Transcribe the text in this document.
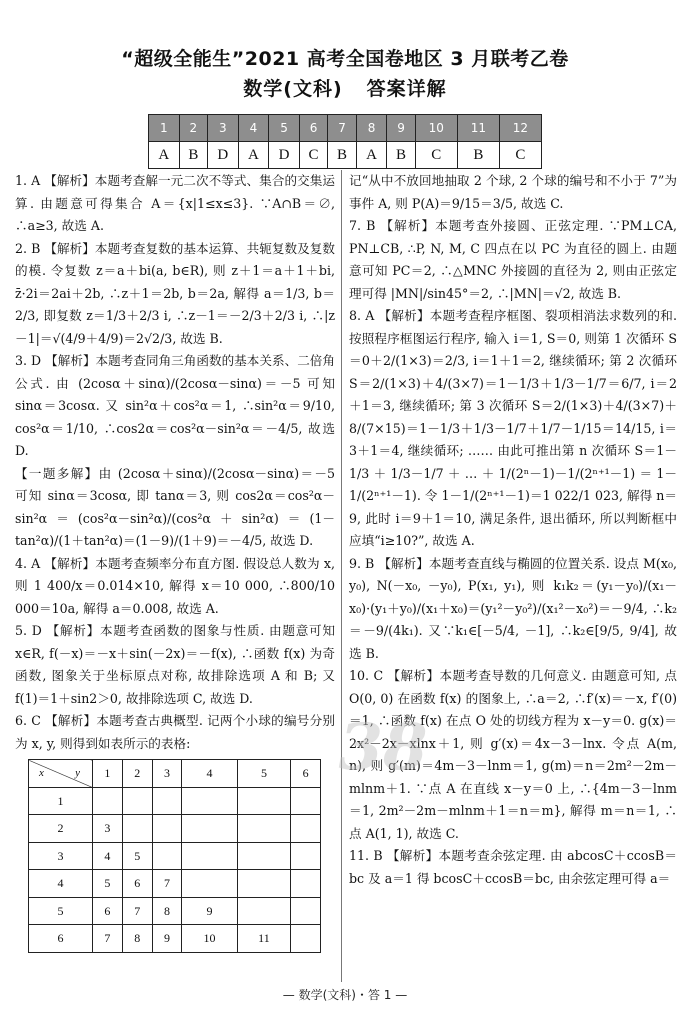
“超级全能生”2021 高考全国卷地区 3 月联考乙卷
数学(文科) 答案详解
1	2	3	4	5	6	7	8	9	10	11	12
A	B	D	A	D	C	B	A	B	C	B	C

1. A 【解析】本题考查解一元二次不等式、集合的交集运算. 由题意可得集合 A＝{x|1≤x≤3}. ∵A∩B＝∅, ∴a≥3, 故选 A.

2. B 【解析】本题考查复数的基本运算、共轭复数及复数的模. 令复数 z＝a＋bi(a, b∈R), 则 z＋1＝a＋1＋bi, z̄·2i＝2ai＋2b, ∴z＋1＝2b, b＝2a, 解得 a＝1/3, b＝2/3, 即复数 z＝1/3＋2/3 i, ∴z－1＝－2/3＋2/3 i, ∴|z－1|＝√(4/9＋4/9)＝2√2/3, 故选 B.

3. D 【解析】本题考查同角三角函数的基本关系、二倍角公式. 由 (2cosα＋sinα)/(2cosα－sinα)＝－5 可知 sinα＝3cosα. 又 sin²α＋cos²α＝1, ∴sin²α＝9/10, cos²α＝1/10, ∴cos2α＝cos²α－sin²α＝－4/5, 故选 D.

【一题多解】由 (2cosα＋sinα)/(2cosα－sinα)＝－5 可知 sinα＝3cosα, 即 tanα＝3, 则 cos2α＝cos²α－sin²α＝(cos²α－sin²α)/(cos²α＋sin²α)＝(1－tan²α)/(1＋tan²α)＝(1－9)/(1＋9)＝－4/5, 故选 D.

4. A 【解析】本题考查频率分布直方图. 假设总人数为 x, 则 1 400/x＝0.014×10, 解得 x＝10 000, ∴800/10 000＝10a, 解得 a＝0.008, 故选 A.

5. D 【解析】本题考查函数的图象与性质. 由题意可知 x∈R, f(－x)＝－x＋sin(－2x)＝－f(x), ∴函数 f(x) 为奇函数, 图象关于坐标原点对称, 故排除选项 A 和 B; 又 f(1)＝1＋sin2＞0, 故排除选项 C, 故选 D.

6. C 【解析】本题考查古典概型. 记两个小球的编号分别为 x, y, 则得到如表所示的表格:

y
x	1	2	3	4	5	6
1						
2	3					
3	4	5				
4	5	6	7			
5	6	7	8	9		
6	7	8	9	10	11	

记“从中不放回地抽取 2 个球, 2 个球的编号和不小于 7”为事件 A, 则 P(A)＝9/15＝3/5, 故选 C.

7. B 【解析】本题考查外接圆、正弦定理. ∵PM⊥CA, PN⊥CB, ∴P, N, M, C 四点在以 PC 为直径的圆上. 由题意可知 PC＝2, ∴△MNC 外接圆的直径为 2, 则由正弦定理可得 |MN|/sin45°＝2, ∴|MN|＝√2, 故选 B.

8. A 【解析】本题考查程序框图、裂项相消法求数列的和. 按照程序框图运行程序, 输入 i＝1, S＝0, 则第 1 次循环 S＝0＋2/(1×3)＝2/3, i＝1＋1＝2, 继续循环; 第 2 次循环 S＝2/(1×3)＋4/(3×7)＝1－1/3＋1/3－1/7＝6/7, i＝2＋1＝3, 继续循环; 第 3 次循环 S＝2/(1×3)＋4/(3×7)＋8/(7×15)＝1－1/3＋1/3－1/7＋1/7－1/15＝14/15, i＝3＋1＝4, 继续循环; …… 由此可推出第 n 次循环 S＝1－1/3＋1/3－1/7＋…＋1/(2ⁿ－1)－1/(2ⁿ⁺¹－1)＝1－1/(2ⁿ⁺¹－1). 令 1－1/(2ⁿ⁺¹－1)＝1 022/1 023, 解得 n＝9, 此时 i＝9＋1＝10, 满足条件, 退出循环, 所以判断框中应填“i≥10?”, 故选 A.

9. B 【解析】本题考查直线与椭圆的位置关系. 设点 M(x₀, y₀), N(－x₀, －y₀), P(x₁, y₁), 则 k₁k₂＝(y₁－y₀)/(x₁－x₀)·(y₁＋y₀)/(x₁＋x₀)＝(y₁²－y₀²)/(x₁²－x₀²)＝－9/4, ∴k₂＝－9/(4k₁). 又∵k₁∈[－5/4, －1], ∴k₂∈[9/5, 9/4], 故选 B.

10. C 【解析】本题考查导数的几何意义. 由题意可知, 点 O(0, 0) 在函数 f(x) 的图象上, ∴a＝2, ∴f′(x)＝－x, f′(0)＝1, ∴函数 f(x) 在点 O 处的切线方程为 x－y＝0. g(x)＝2x²－2x－xlnx＋1, 则 g′(x)＝4x－3－lnx. 令点 A(m, n), 则 g′(m)＝4m－3－lnm＝1, g(m)＝n＝2m²－2m－mlnm＋1. ∵点 A 在直线 x－y＝0 上, ∴{4m－3－lnm＝1, 2m²－2m－mlnm＋1＝n＝m}, 解得 m＝n＝1, ∴点 A(1, 1), 故选 C.

11. B 【解析】本题考查余弦定理. 由 abcosC＋ccosB＝bc 及 a＝1 得 bcosC＋ccosB＝bc, 由余弦定理可得 a＝

38
— 数学(文科)・答 1 —
